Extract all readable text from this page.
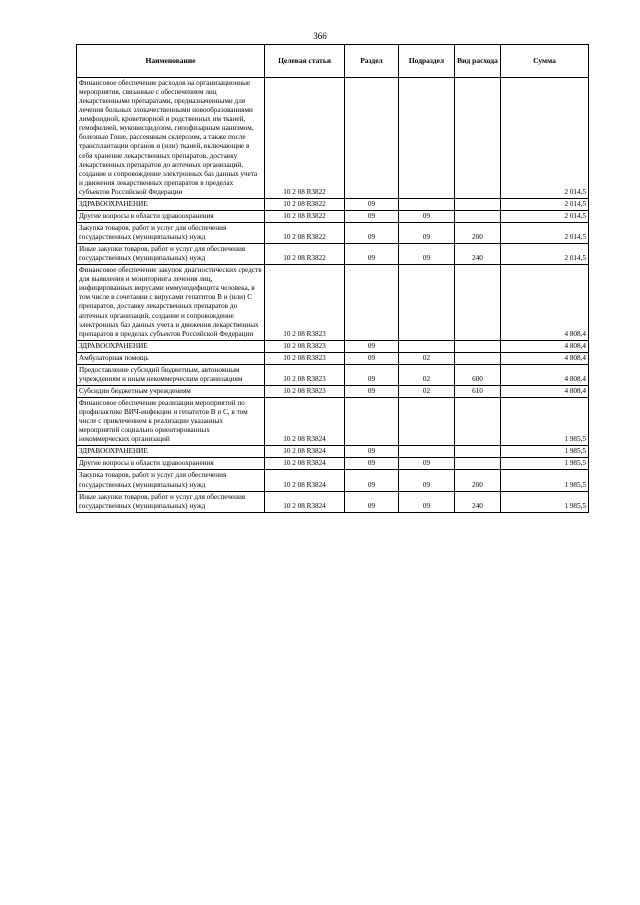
366
Наименование	Целевая статья	Раздел	Подраздел	Вид расхода	Сумма
Финансовое обеспечение расходов на организационные мероприятия, связанные с обеспечением лиц лекарственными препаратами, предназначенными для лечения больных злокачественными новообразованиями лимфоидной, кроветворной и родственных им тканей, гемофилией, муковисцидозом, гипофизарным нанизмом, болезнью Гоше, рассеянным склерозом, а также после трансплантации органов и (или) тканей, включающие в себя хранение лекарственных препаратов, доставку лекарственных препаратов до аптечных организаций, создание и сопровождение электронных баз данных учета и движения лекарственных препаратов в пределах субъектов Российской Федерации	10 2 08 R3822				2 014,5
ЗДРАВООХРАНЕНИЕ	10 2 08 R3822	09			2 014,5
Другие вопросы в области здравоохранения	10 2 08 R3822	09	09		2 014,5
Закупка товаров, работ и услуг для обеспечения государственных (муниципальных) нужд	10 2 08 R3822	09	09	200	2 014,5
Иные закупки товаров, работ и услуг для обеспечения государственных (муниципальных) нужд	10 2 08 R3822	09	09	240	2 014,5
Финансовое обеспечение закупок диагностических средств для выявления и мониторинга лечения лиц, инфицированных вирусами иммунодефицита человека, в том числе в сочетании с вирусами гепатитов B и (или) C препаратов, доставку лекарственных препаратов до аптечных организаций, создание и сопровождение электронных баз данных учета и движения лекарственных препаратов в пределах субъектов Российской Федерации	10 2 08 R3823				4 808,4
ЗДРАВООХРАНЕНИЕ	10 2 08 R3823	09			4 808,4
Амбулаторная помощь	10 2 08 R3823	09	02		4 808,4
Предоставление субсидий бюджетным, автономным учреждениям и иным некоммерческим организациям	10 2 08 R3823	09	02	600	4 808,4
Субсидии бюджетным учреждениям	10 2 08 R3823	09	02	610	4 808,4
Финансовое обеспечение реализации мероприятий по профилактике ВИЧ-инфекции и гепатитов B и C, в том числе с привлечением к реализации указанных мероприятий социально ориентированных некоммерческих организаций	10 2 08 R3824				1 985,5
ЗДРАВООХРАНЕНИЕ	10 2 08 R3824	09			1 985,5
Другие вопросы в области здравоохранения	10 2 08 R3824	09	09		1 985,5
Закупка товаров, работ и услуг для обеспечения государственных (муниципальных) нужд	10 2 08 R3824	09	09	200	1 985,5
Иные закупки товаров, работ и услуг для обеспечения государственных (муниципальных) нужд	10 2 08 R3824	09	09	240	1 985,5
